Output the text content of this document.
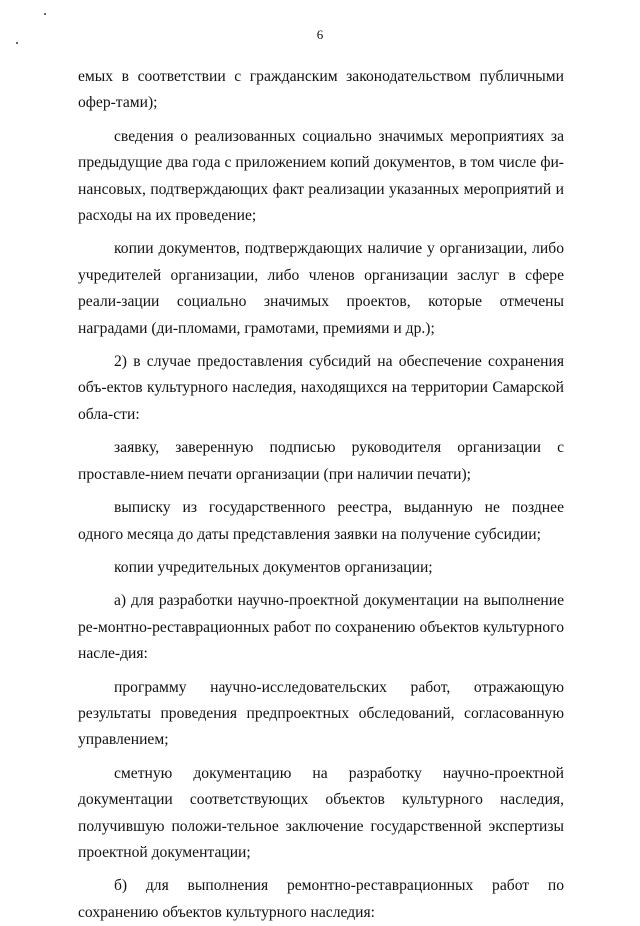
6

емых в соответствии с гражданским законодательством публичными офер-тами);

сведения о реализованных социально значимых мероприятиях за предыдущие два года с приложением копий документов, в том числе фи-нансовых, подтверждающих факт реализации указанных мероприятий и расходы на их проведение;

копии документов, подтверждающих наличие у организации, либо учредителей организации, либо членов организации заслуг в сфере реали-зации социально значимых проектов, которые отмечены наградами (ди-пломами, грамотами, премиями и др.);

2) в случае предоставления субсидий на обеспечение сохранения объ-ектов культурного наследия, находящихся на территории Самарской обла-сти:

заявку, заверенную подписью руководителя организации с проставле-нием печати организации (при наличии печати);

выписку из государственного реестра, выданную не позднее одного месяца до даты представления заявки на получение субсидии;

копии учредительных документов организации;

а) для разработки научно-проектной документации на выполнение ре-монтно-реставрационных работ по сохранению объектов культурного насле-дия:

программу научно-исследовательских работ, отражающую результаты проведения предпроектных обследований, согласованную управлением;

сметную документацию на разработку научно-проектной документации соответствующих объектов культурного наследия, получившую положи-тельное заключение государственной экспертизы проектной документации;

б) для выполнения ремонтно-реставрационных работ по сохранению объектов культурного наследия:
